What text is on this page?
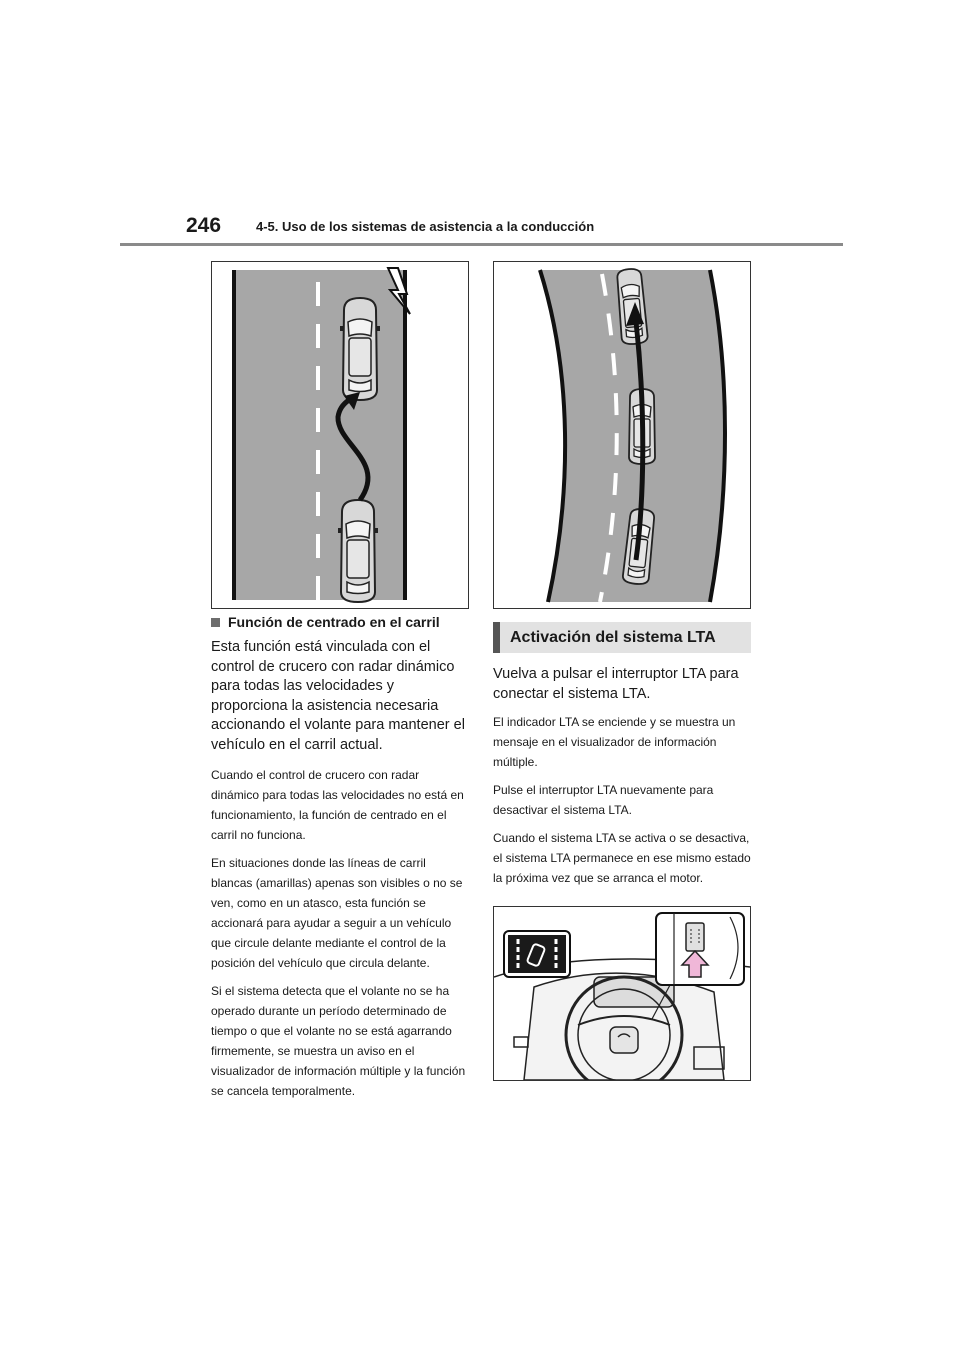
246	4-5. Uso de los sistemas de asistencia a la conducción
Función de centrado en el carril

Esta función está vinculada con el control de crucero con radar dinámico para todas las velocidades y proporciona la asistencia necesaria accionando el volante para mantener el vehículo en el carril actual.

Cuando el control de crucero con radar dinámico para todas las velocidades no está en funcionamiento, la función de centrado en el carril no funciona.

En situaciones donde las líneas de carril blancas (amarillas) apenas son visibles o no se ven, como en un atasco, esta función se accionará para ayudar a seguir a un vehículo que circule delante mediante el control de la posición del vehículo que circula delante.

Si el sistema detecta que el volante no se ha operado durante un período determinado de tiempo o que el volante no se está agarrando firmemente, se muestra un aviso en el visualizador de información múltiple y la función se cancela temporalmente.

Activación del sistema LTA

Vuelva a pulsar el interruptor LTA para conectar el sistema LTA.

El indicador LTA se enciende y se muestra un mensaje en el visualizador de información múltiple.

Pulse el interruptor LTA nuevamente para desactivar el sistema LTA.

Cuando el sistema LTA se activa o se desactiva, el sistema LTA permanece en ese mismo estado la próxima vez que se arranca el motor.
